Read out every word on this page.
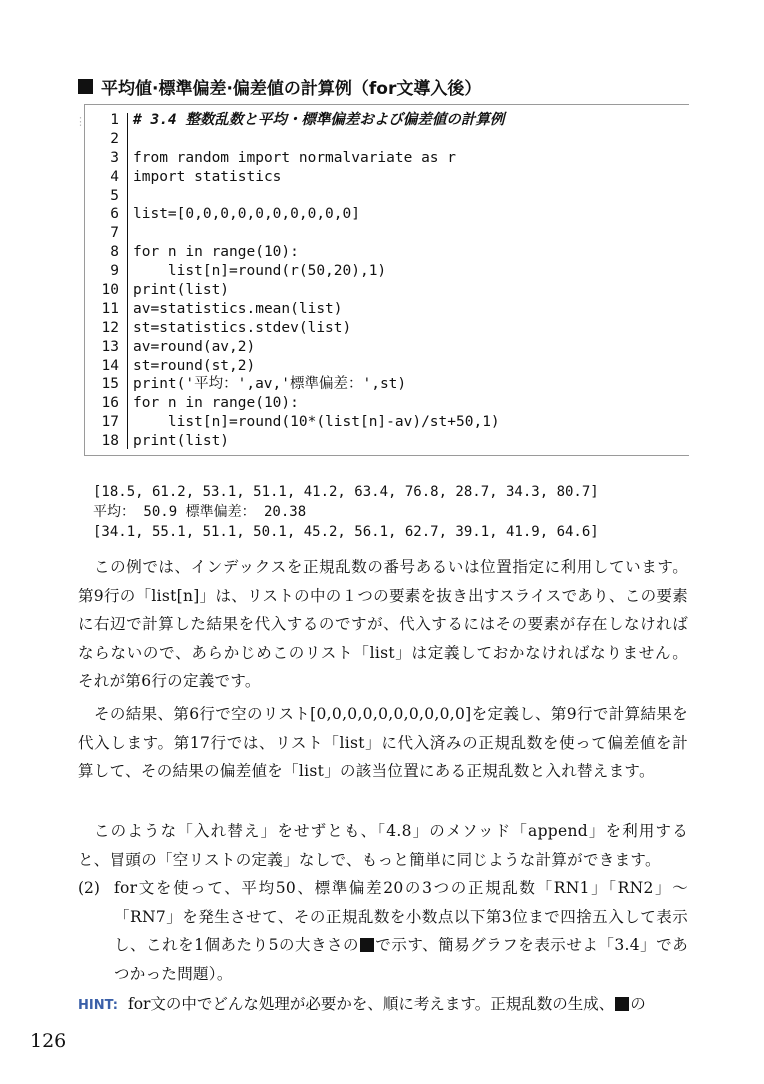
平均値·標準偏差·偏差値の計算例（for文導入後）
⋮	1 # 3.4 整数乱数と平均・標準偏差および偏差値の計算例
2
3 from random import normalvariate as r
4 import statistics
5
6 list=[0,0,0,0,0,0,0,0,0,0]
7
8 for n in range(10):
9 list[n]=round(r(50,20),1)
10 print(list)
11 av=statistics.mean(list)
12 st=statistics.stdev(list)
13 av=round(av,2)
14 st=round(st,2)
15 print('平均：',av,'標準偏差：',st)
16 for n in range(10):
17 list[n]=round(10*(list[n]-av)/st+50,1)
18 print(list)

[18.5, 61.2, 53.1, 51.1, 41.2, 63.4, 76.8, 28.7, 34.3, 80.7]
平均： 50.9 標準偏差： 20.38
[34.1, 55.1, 51.1, 50.1, 45.2, 56.1, 62.7, 39.1, 41.9, 64.6]
この例では、インデックスを正規乱数の番号あるいは位置指定に利用しています。第9行の「list[n]」は、リストの中の１つの要素を抜き出すスライスであり、この要素に右辺で計算した結果を代入するのですが、代入するにはその要素が存在しなければならないので、あらかじめこのリスト「list」は定義しておかなければなりません。それが第6行の定義です。
その結果、第6行で空のリスト[0,0,0,0,0,0,0,0,0,0]を定義し、第9行で計算結果を代入します。第17行では、リスト「list」に代入済みの正規乱数を使って偏差値を計算して、その結果の偏差値を「list」の該当位置にある正規乱数と入れ替えます。
このような「入れ替え」をせずとも、「4.8」のメソッド「append」を利用すると、冒頭の「空リストの定義」なしで、もっと簡単に同じような計算ができます。
(2) for文を使って、平均50、標準偏差20の3つの正規乱数「RN1」「RN2」～「RN7」を発生させて、その正規乱数を小数点以下第3位まで四捨五入して表示し、これを1個あたり5の大きさの で示す、簡易グラフを表示せよ「3.4」であつかった問題）。
HINT: for文の中でどんな処理が必要かを、順に考えます。正規乱数の生成、 の
126
